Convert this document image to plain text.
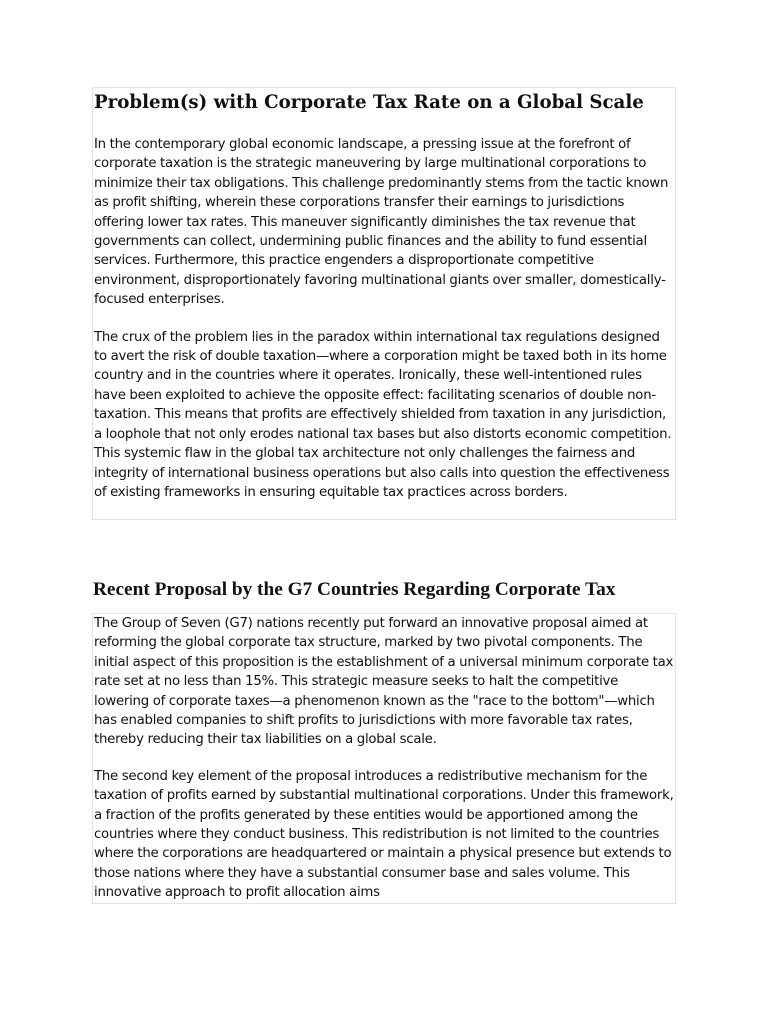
Problem(s) with Corporate Tax Rate on a Global Scale

In the contemporary global economic landscape, a pressing issue at the forefront of corporate taxation is the strategic maneuvering by large multinational corporations to minimize their tax obligations. This challenge predominantly stems from the tactic known as profit shifting, wherein these corporations transfer their earnings to jurisdictions offering lower tax rates. This maneuver significantly diminishes the tax revenue that governments can collect, undermining public finances and the ability to fund essential services. Furthermore, this practice engenders a disproportionate competitive environment, disproportionately favoring multinational giants over smaller, domestically-focused enterprises.

The crux of the problem lies in the paradox within international tax regulations designed to avert the risk of double taxation—where a corporation might be taxed both in its home country and in the countries where it operates. Ironically, these well-intentioned rules have been exploited to achieve the opposite effect: facilitating scenarios of double non-taxation. This means that profits are effectively shielded from taxation in any jurisdiction, a loophole that not only erodes national tax bases but also distorts economic competition. This systemic flaw in the global tax architecture not only challenges the fairness and integrity of international business operations but also calls into question the effectiveness of existing frameworks in ensuring equitable tax practices across borders.

Recent Proposal by the G7 Countries Regarding Corporate Tax

The Group of Seven (G7) nations recently put forward an innovative proposal aimed at reforming the global corporate tax structure, marked by two pivotal components. The initial aspect of this proposition is the establishment of a universal minimum corporate tax rate set at no less than 15%. This strategic measure seeks to halt the competitive lowering of corporate taxes—a phenomenon known as the "race to the bottom"—which has enabled companies to shift profits to jurisdictions with more favorable tax rates, thereby reducing their tax liabilities on a global scale.

The second key element of the proposal introduces a redistributive mechanism for the taxation of profits earned by substantial multinational corporations. Under this framework, a fraction of the profits generated by these entities would be apportioned among the countries where they conduct business. This redistribution is not limited to the countries where the corporations are headquartered or maintain a physical presence but extends to those nations where they have a substantial consumer base and sales volume. This innovative approach to profit allocation aims
